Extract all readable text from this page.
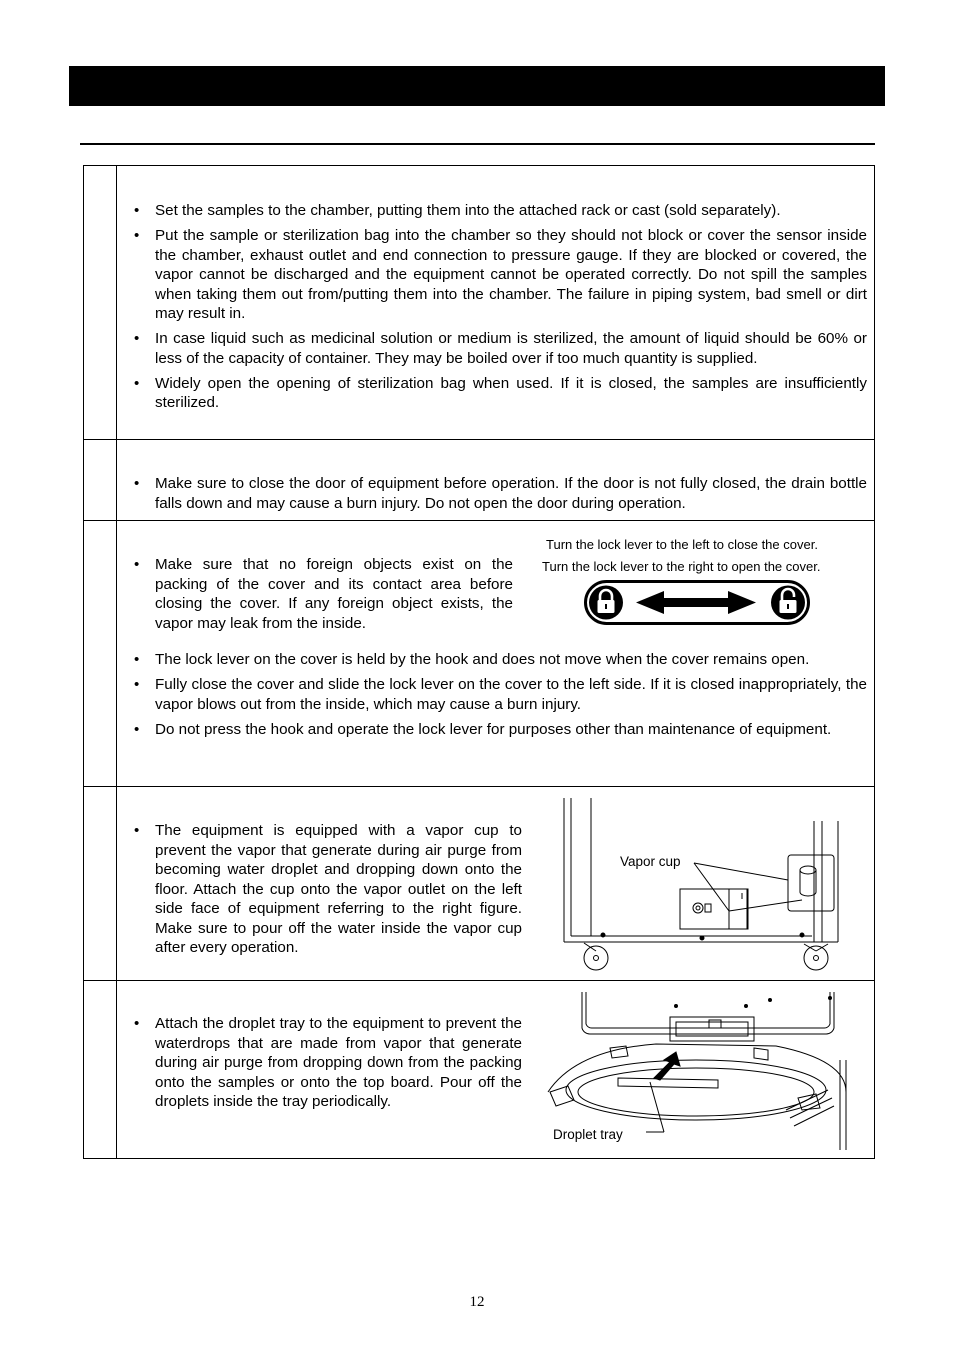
• Set the samples to the chamber, putting them into the attached rack or cast (sold separately).
• Put the sample or sterilization bag into the chamber so they should not block or cover the sensor inside the chamber, exhaust outlet and end connection to pressure gauge. If they are blocked or covered, the vapor cannot be discharged and the equipment cannot be operated correctly. Do not spill the samples when taking them out from/putting them into the chamber. The failure in piping system, bad smell or dirt may result in.
• In case liquid such as medicinal solution or medium is sterilized, the amount of liquid should be 60% or less of the capacity of container. They may be boiled over if too much quantity is supplied.
• Widely open the opening of sterilization bag when used. If it is closed, the samples are insufficiently sterilized.
• Make sure to close the door of equipment before operation. If the door is not fully closed, the drain bottle falls down and may cause a burn injury. Do not open the door during operation.
• Make sure that no foreign objects exist on the packing of the cover and its contact area before closing the cover. If any foreign object exists, the vapor may leak from the inside.
Turn the lock lever to the left to close the cover.
Turn the lock lever to the right to open the cover.
• The lock lever on the cover is held by the hook and does not move when the cover remains open.
• Fully close the cover and slide the lock lever on the cover to the left side. If it is closed inappropriately, the vapor blows out from the inside, which may cause a burn injury.
• Do not press the hook and operate the lock lever for purposes other than maintenance of equipment.
• The equipment is equipped with a vapor cup to prevent the vapor that generate during air purge from becoming water droplet and dropping down onto the floor. Attach the cup onto the vapor outlet on the left side face of equipment referring to the right figure. Make sure to pour off the water inside the vapor cup after every operation.
Vapor cup
• Attach the droplet tray to the equipment to prevent the waterdrops that are made from vapor that generate during air purge from dropping down from the packing onto the samples or onto the top board. Pour off the droplets inside the tray periodically.
Droplet tray
12
